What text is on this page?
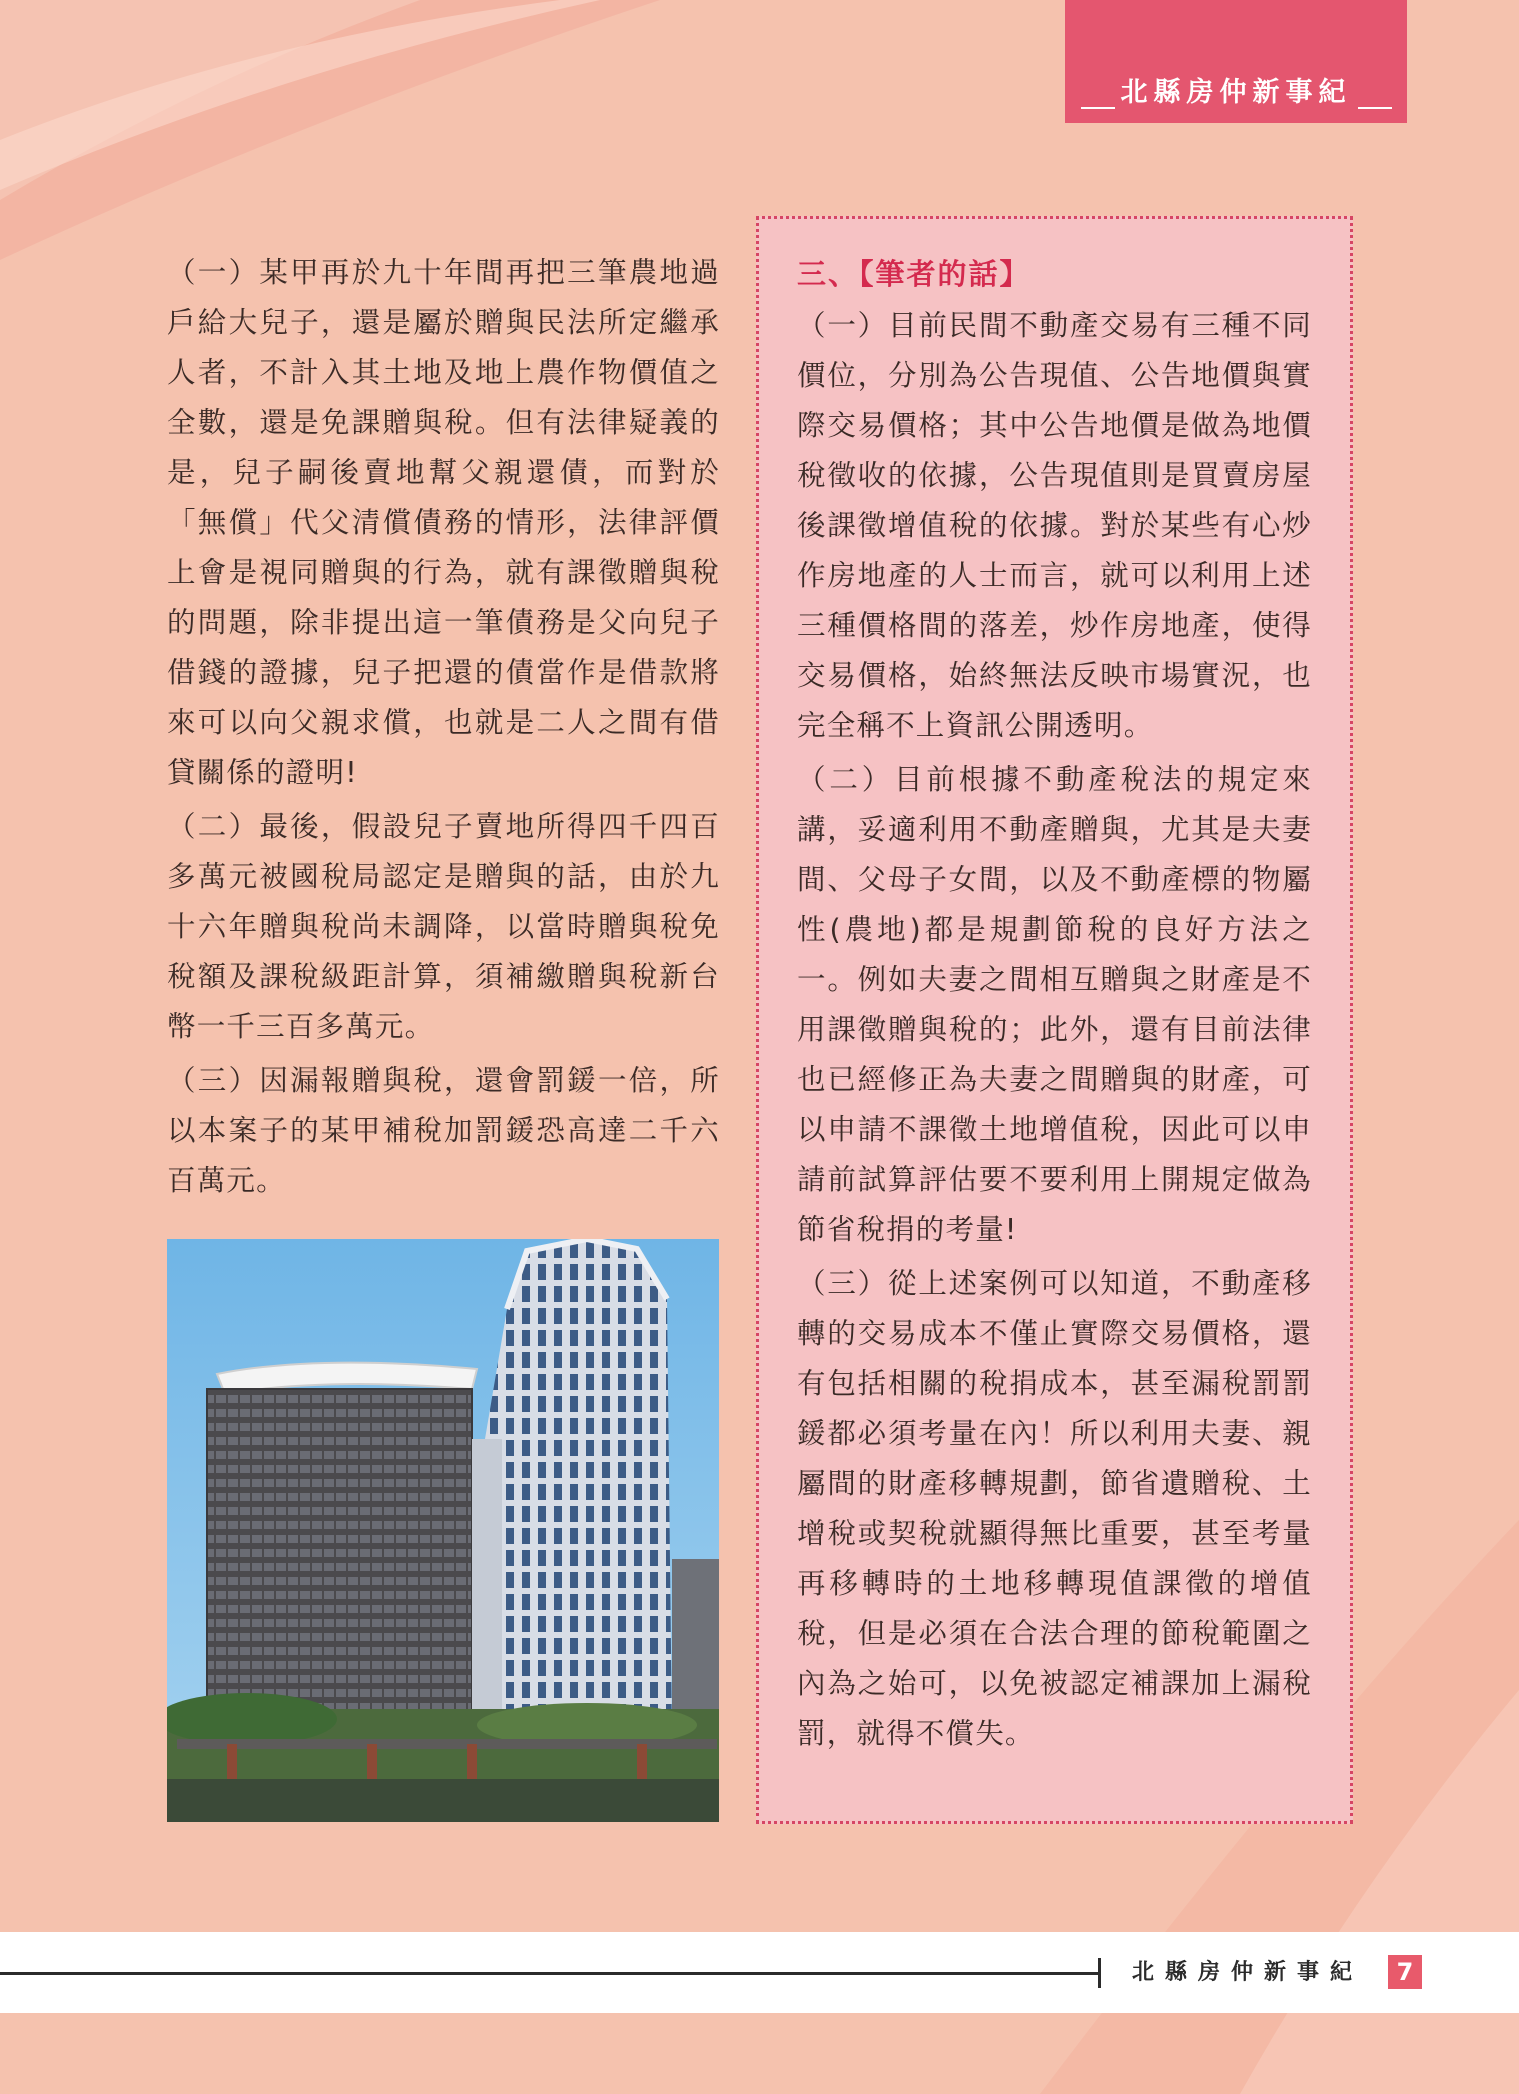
北縣房仲新事紀

（一）某甲再於九十年間再把三筆農地過戶給大兒子，還是屬於贈與民法所定繼承人者，不計入其土地及地上農作物價值之全數，還是免課贈與稅。但有法律疑義的是，兒子嗣後賣地幫父親還債，而對於「無償」代父清償債務的情形，法律評價上會是視同贈與的行為，就有課徵贈與稅的問題，除非提出這一筆債務是父向兒子借錢的證據，兒子把還的債當作是借款將來可以向父親求償，也就是二人之間有借貸關係的證明!

（二）最後，假設兒子賣地所得四千四百多萬元被國稅局認定是贈與的話，由於九十六年贈與稅尚未調降，以當時贈與稅免稅額及課稅級距計算，須補繳贈與稅新台幣一千三百多萬元。

（三）因漏報贈與稅，還會罰鍰一倍，所以本案子的某甲補稅加罰鍰恐高達二千六百萬元。

三、【筆者的話】

（一）目前民間不動產交易有三種不同價位，分別為公告現值、公告地價與實際交易價格；其中公告地價是做為地價稅徵收的依據，公告現值則是買賣房屋後課徵增值稅的依據。對於某些有心炒作房地產的人士而言，就可以利用上述三種價格間的落差，炒作房地產，使得交易價格，始終無法反映市場實況，也完全稱不上資訊公開透明。

（二）目前根據不動產稅法的規定來講，妥適利用不動產贈與，尤其是夫妻間、父母子女間，以及不動產標的物屬性(農地)都是規劃節稅的良好方法之一。例如夫妻之間相互贈與之財產是不用課徵贈與稅的；此外，還有目前法律也已經修正為夫妻之間贈與的財產，可以申請不課徵土地增值稅，因此可以申請前試算評估要不要利用上開規定做為節省稅捐的考量!

（三）從上述案例可以知道，不動產移轉的交易成本不僅止實際交易價格，還有包括相關的稅捐成本，甚至漏稅罰罰鍰都必須考量在內！所以利用夫妻、親屬間的財產移轉規劃，節省遺贈稅、土增稅或契稅就顯得無比重要，甚至考量再移轉時的土地移轉現值課徵的增值稅，但是必須在合法合理的節稅範圍之內為之始可，以免被認定補課加上漏稅罰，就得不償失。

北縣房仲新事紀	7
